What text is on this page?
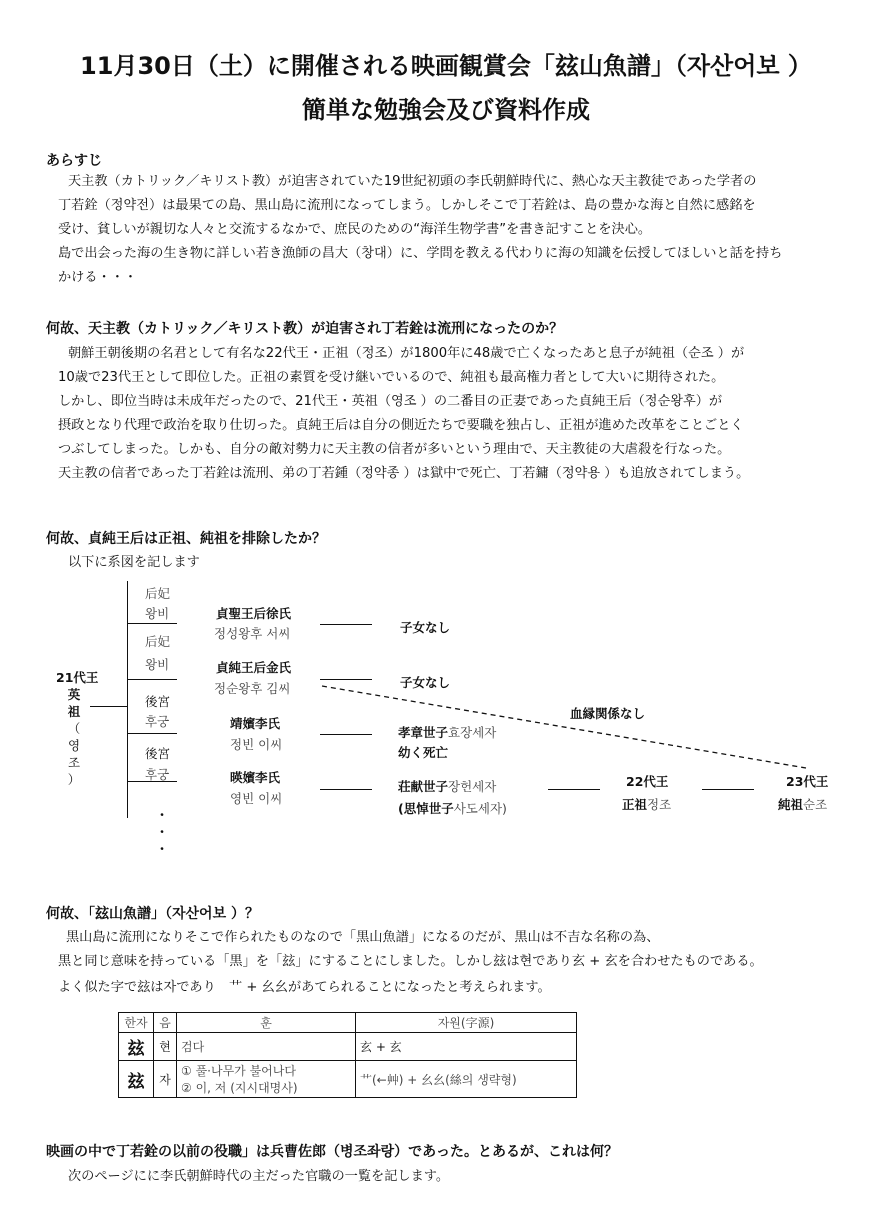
11月30日（土）に開催される映画観賞会「玆山魚譜」（자산어보 ）
簡単な勉強会及び資料作成
あらすじ
天主教（カトリック／キリスト教）が迫害されていた19世紀初頭の李氏朝鮮時代に、熱心な天主教徒であった学者の
丁若銓（정약전）は最果ての島、黒山島に流刑になってしまう。しかしそこで丁若銓は、島の豊かな海と自然に感銘を
受け、貧しいが親切な人々と交流するなかで、庶民のための“海洋生物学書”を書き記すことを決心。
島で出会った海の生き物に詳しい若き漁師の昌大（창대）に、学問を教える代わりに海の知識を伝授してほしいと話を持ち
かける・・・
何故、天主教（カトリック／キリスト教）が迫害され丁若銓は流刑になったのか？
朝鮮王朝後期の名君として有名な22代王・正祖（정조）が1800年に48歳で亡くなったあと息子が純祖（순조 ）が
10歳で23代王として即位した。正祖の素質を受け継いでいるので、純祖も最高権力者として大いに期待された。
しかし、即位当時は未成年だったので、21代王・英祖（영조 ）の二番目の正妻であった貞純王后（정순왕후）が
摂政となり代理で政治を取り仕切った。貞純王后は自分の側近たちで要職を独占し、正祖が進めた改革をことごとく
つぶしてしまった。しかも、自分の敵対勢力に天主教の信者が多いという理由で、天主教徒の大虐殺を行なった。
天主教の信者であった丁若銓は流刑、弟の丁若鍾（정약종 ）は獄中で死亡、丁若鏞（정약용 ）も追放されてしまう。
何故、貞純王后は正祖、純祖を排除したか？
以下に系図を記します
21代王
英
祖
（
영
조
）
后妃
왕비
后妃
왕비
後宮
후궁
後宮
후궁
貞聖王后徐氏
정성왕후 서씨
貞純王后金氏
정순왕후 김씨
靖嬪李氏
정빈 이씨
暎嬪李氏
영빈 이씨
子女なし
子女なし
孝章世子효장세자
幼く死亡
荘献世子장헌세자
(思悼世子사도세자)
血縁関係なし
22代王
正祖정조
23代王
純祖순조
・
・
・
何故、「玆山魚譜」（자산어보 ）？
黒山島に流刑になりそこで作られたものなので「黒山魚譜」になるのだが、黒山は不吉な名称の為、
黒と同じ意味を持っている「黒」を「玆」にすることにしました。しかし玆は현であり玄 + 玄を合わせたものである。
よく似た字で玆は자であり　艹 + 幺幺があてられることになったと考えられます。
한자	음	훈	자원(字源)
玆	현	검다	玄 + 玄
玆	자	① 풀·나무가 불어나다
② 이, 저 (지시대명사)	艹(←艸) + 幺幺(絲의 생략형)
映画の中で丁若銓の以前の役職」は兵曹佐郎（병조좌랑）であった。とあるが、これは何？
次のページにに李氏朝鮮時代の主だった官職の一覧を記します。
